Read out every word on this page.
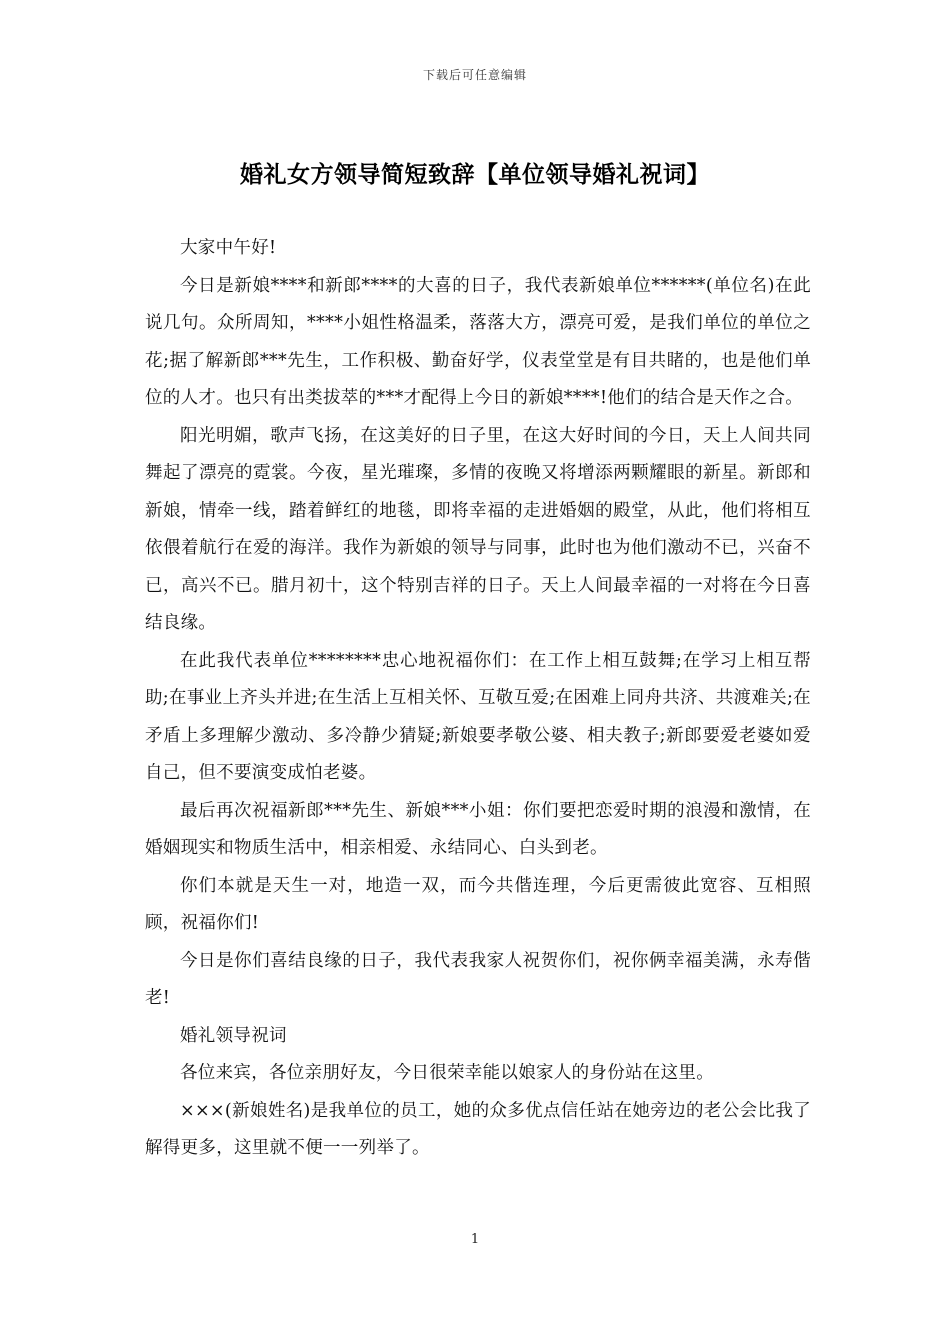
下载后可任意编辑
婚礼女方领导简短致辞【单位领导婚礼祝词】

大家中午好!

今日是新娘****和新郎****的大喜的日子，我代表新娘单位******(单位名)在此说几句。众所周知，****小姐性格温柔，落落大方，漂亮可爱，是我们单位的单位之花;据了解新郎***先生，工作积极、勤奋好学，仪表堂堂是有目共睹的，也是他们单位的人才。也只有出类拔萃的***才配得上今日的新娘****!他们的结合是天作之合。

阳光明媚，歌声飞扬，在这美好的日子里，在这大好时间的今日，天上人间共同舞起了漂亮的霓裳。今夜，星光璀璨，多情的夜晚又将增添两颗耀眼的新星。新郎和新娘，情牵一线，踏着鲜红的地毯，即将幸福的走进婚姻的殿堂，从此，他们将相互依偎着航行在爱的海洋。我作为新娘的领导与同事，此时也为他们激动不已，兴奋不已，高兴不已。腊月初十，这个特别吉祥的日子。天上人间最幸福的一对将在今日喜结良缘。

在此我代表单位********忠心地祝福你们：在工作上相互鼓舞;在学习上相互帮助;在事业上齐头并进;在生活上互相关怀、互敬互爱;在困难上同舟共济、共渡难关;在矛盾上多理解少激动、多冷静少猜疑;新娘要孝敬公婆、相夫教子;新郎要爱老婆如爱自己，但不要演变成怕老婆。

最后再次祝福新郎***先生、新娘***小姐：你们要把恋爱时期的浪漫和激情，在婚姻现实和物质生活中，相亲相爱、永结同心、白头到老。

你们本就是天生一对，地造一双，而今共偕连理，今后更需彼此宽容、互相照顾，祝福你们!

今日是你们喜结良缘的日子，我代表我家人祝贺你们，祝你俩幸福美满，永寿偕老!

婚礼领导祝词

各位来宾，各位亲朋好友，今日很荣幸能以娘家人的身份站在这里。

×××(新娘姓名)是我单位的员工，她的众多优点信任站在她旁边的老公会比我了解得更多，这里就不便一一列举了。

1
